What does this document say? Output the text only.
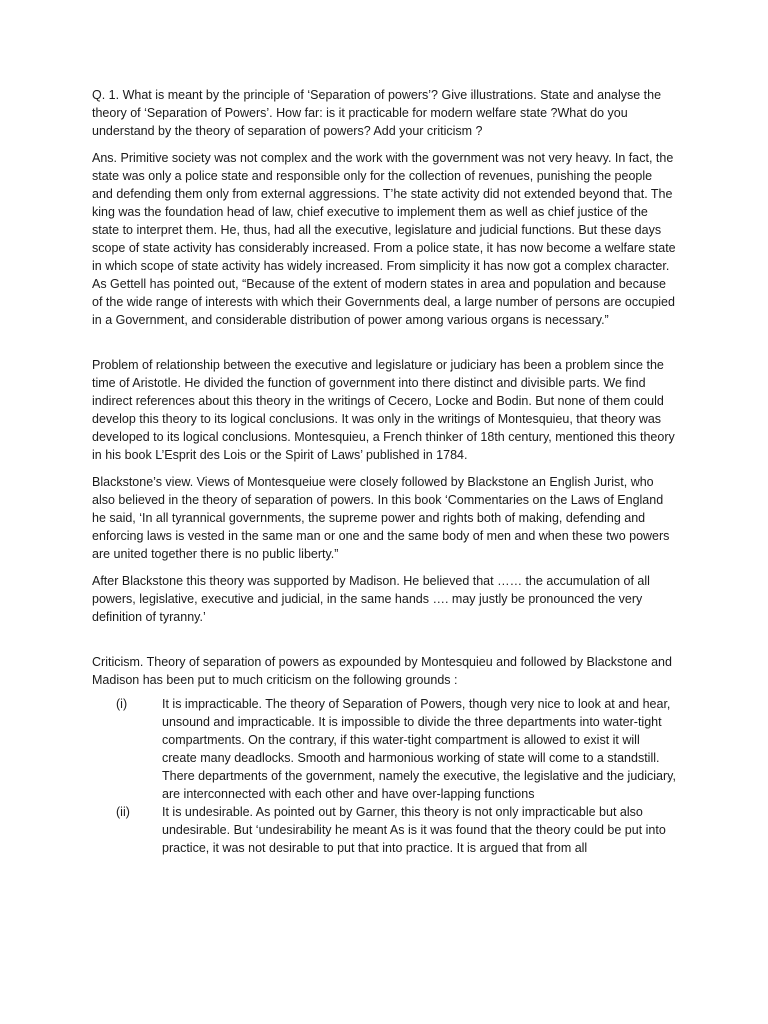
Q. 1. What is meant by the principle of ‘Separation of powers’? Give illustrations. State and analyse the theory of ‘Separation of Powers’. How far: is it practicable for modern welfare state ?What do you understand by the theory of separation of powers? Add your criticism ?

Ans. Primitive society was not complex and the work with the government was not very heavy. In fact, the state was only a police state and responsible only for the collection of revenues, punishing the people and defending them only from external aggressions. T’he state activity did not extended beyond that. The king was the foundation head of law, chief executive to implement them as well as chief justice of the state to interpret them. He, thus, had all the executive, legislature and judicial functions. But these days scope of state activity has considerably increased. From a police state, it has now become a welfare state in which scope of state activity has widely increased. From simplicity it has now got a complex character. As Gettell has pointed out, “Because of the extent of modern states in area and population and because of the wide range of interests with which their Governments deal, a large number of persons are occupied in a Government, and considerable distribution of power among various organs is necessary.”

Problem of relationship between the executive and legislature or judiciary has been a problem since the time of Aristotle. He divided the function of government into there distinct and divisible parts. We find indirect references about this theory in the writings of Cecero, Locke and Bodin. But none of them could develop this theory to its logical conclusions. It was only in the writings of Montesquieu, that theory was developed to its logical conclusions. Montesquieu, a French thinker of 18th century, mentioned this theory in his book L’Esprit des Lois or the Spirit of Laws’ published in 1784.

Blackstone’s view. Views of Montesqueiue were closely followed by Blackstone an English Jurist, who also believed in the theory of separation of powers. In this book ‘Commentaries on the Laws of England he said, ‘In all tyrannical governments, the supreme power and rights both of making, defending and enforcing laws is vested in the same man or one and the same body of men and when these two powers are united together there is no public liberty.”

After Blackstone this theory was supported by Madison. He believed that …… the accumulation of all powers, legislative, executive and judicial, in the same hands …. may justly be pronounced the very definition of tyranny.’

Criticism. Theory of separation of powers as expounded by Montesquieu and followed by Blackstone and Madison has been put to much criticism on the following grounds :

(i)	It is impracticable. The theory of Separation of Powers, though very nice to look at and hear, unsound and impracticable. It is impossible to divide the three departments into water-tight compartments. On the contrary, if this water-tight compartment is allowed to exist it will create many deadlocks. Smooth and harmonious working of state will come to a standstill. There departments of the government, namely the executive, the legislative and the judiciary, are interconnected with each other and have over-lapping functions
(ii)	It is undesirable. As pointed out by Garner, this theory is not only impracticable but also undesirable. But ‘undesirability he meant As is it was found that the theory could be put into practice, it was not desirable to put that into practice. It is argued that from all
